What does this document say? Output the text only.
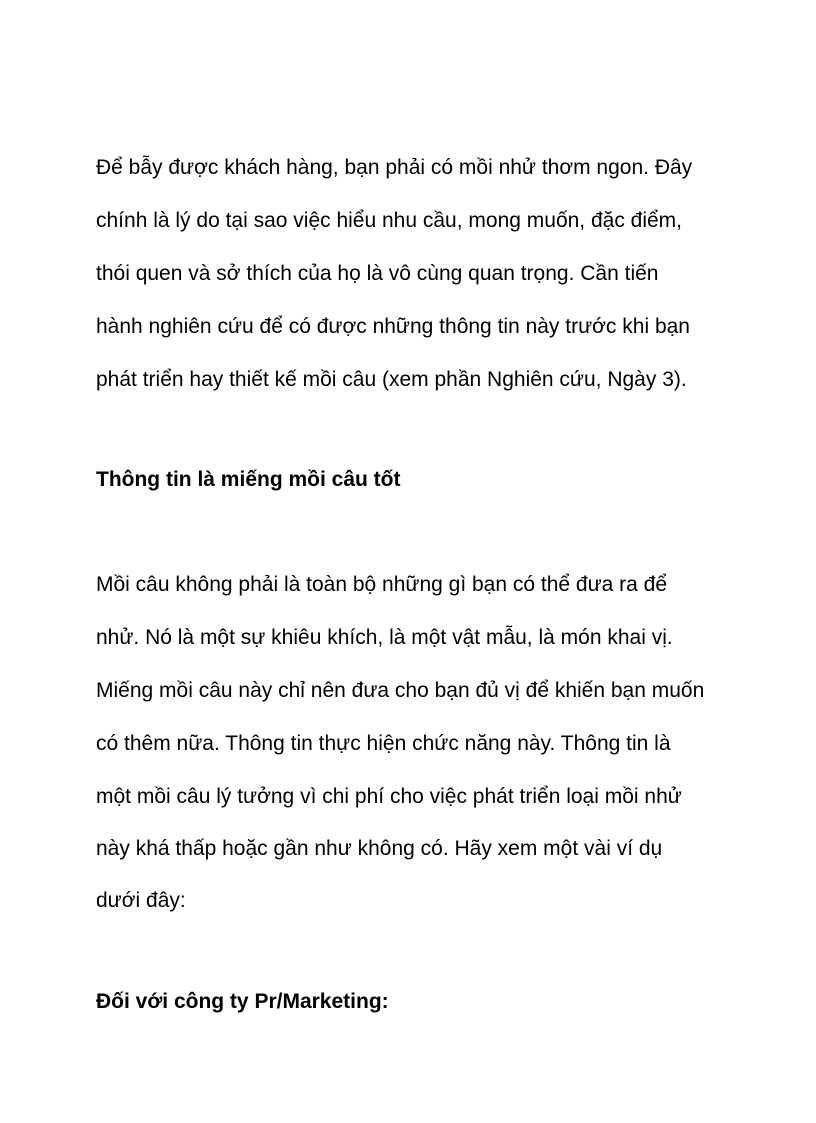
Để bẫy được khách hàng, bạn phải có mồi nhử thơm ngon. Đây

chính là lý do tại sao việc hiểu nhu cầu, mong muốn, đặc điểm,

thói quen và sở thích của họ là vô cùng quan trọng. Cần tiến

hành nghiên cứu để có được những thông tin này trước khi bạn

phát triển hay thiết kế mồi câu (xem phần Nghiên cứu, Ngày 3).

Thông tin là miếng mồi câu tốt

Mồi câu không phải là toàn bộ những gì bạn có thể đưa ra để

nhử. Nó là một sự khiêu khích, là một vật mẫu, là món khai vị.

Miếng mồi câu này chỉ nên đưa cho bạn đủ vị để khiến bạn muốn

có thêm nữa. Thông tin thực hiện chức năng này. Thông tin là

một mồi câu lý tưởng vì chi phí cho việc phát triển loại mồi nhử

này khá thấp hoặc gần như không có. Hãy xem một vài ví dụ

dưới đây:

Đối với công ty Pr/Marketing:
